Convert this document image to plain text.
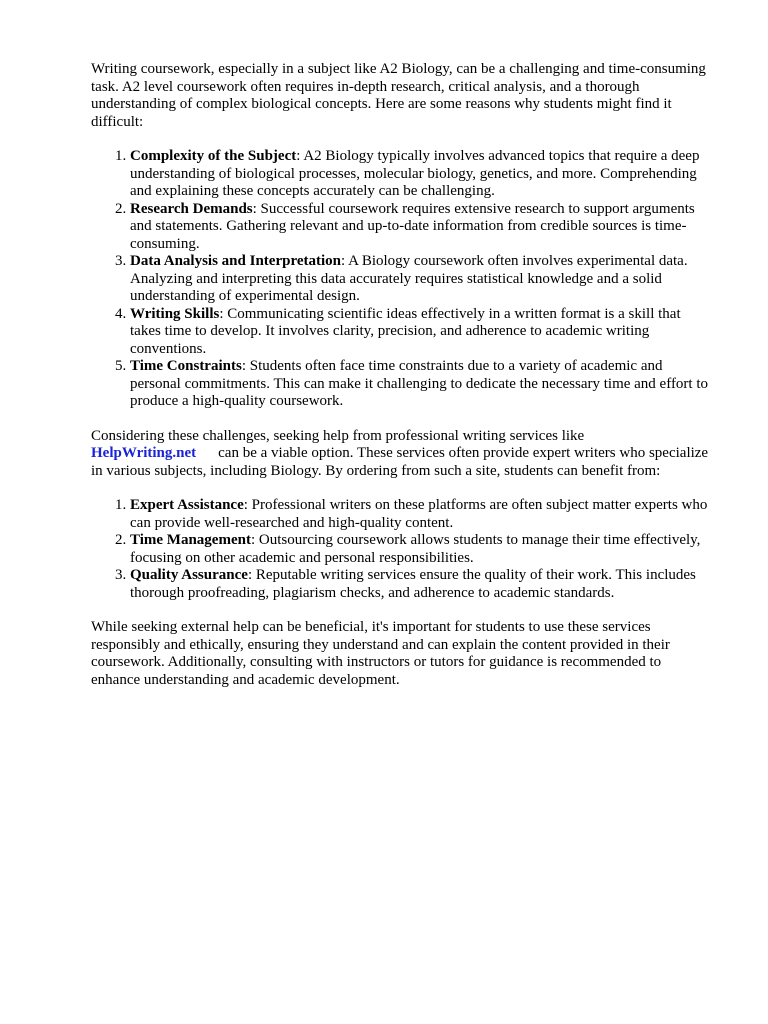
Writing coursework, especially in a subject like A2 Biology, can be a challenging and time-consuming task. A2 level coursework often requires in-depth research, critical analysis, and a thorough understanding of complex biological concepts. Here are some reasons why students might find it difficult:

1. Complexity of the Subject: A2 Biology typically involves advanced topics that require a deep understanding of biological processes, molecular biology, genetics, and more. Comprehending and explaining these concepts accurately can be challenging.
2. Research Demands: Successful coursework requires extensive research to support arguments and statements. Gathering relevant and up-to-date information from credible sources is time-consuming.
3. Data Analysis and Interpretation: A Biology coursework often involves experimental data. Analyzing and interpreting this data accurately requires statistical knowledge and a solid understanding of experimental design.
4. Writing Skills: Communicating scientific ideas effectively in a written format is a skill that takes time to develop. It involves clarity, precision, and adherence to academic writing conventions.
5. Time Constraints: Students often face time constraints due to a variety of academic and personal commitments. This can make it challenging to dedicate the necessary time and effort to produce a high-quality coursework.

Considering these challenges, seeking help from professional writing services like HelpWriting.net can be a viable option. These services often provide expert writers who specialize in various subjects, including Biology. By ordering from such a site, students can benefit from:

1. Expert Assistance: Professional writers on these platforms are often subject matter experts who can provide well-researched and high-quality content.
2. Time Management: Outsourcing coursework allows students to manage their time effectively, focusing on other academic and personal responsibilities.
3. Quality Assurance: Reputable writing services ensure the quality of their work. This includes thorough proofreading, plagiarism checks, and adherence to academic standards.

While seeking external help can be beneficial, it's important for students to use these services responsibly and ethically, ensuring they understand and can explain the content provided in their coursework. Additionally, consulting with instructors or tutors for guidance is recommended to enhance understanding and academic development.
